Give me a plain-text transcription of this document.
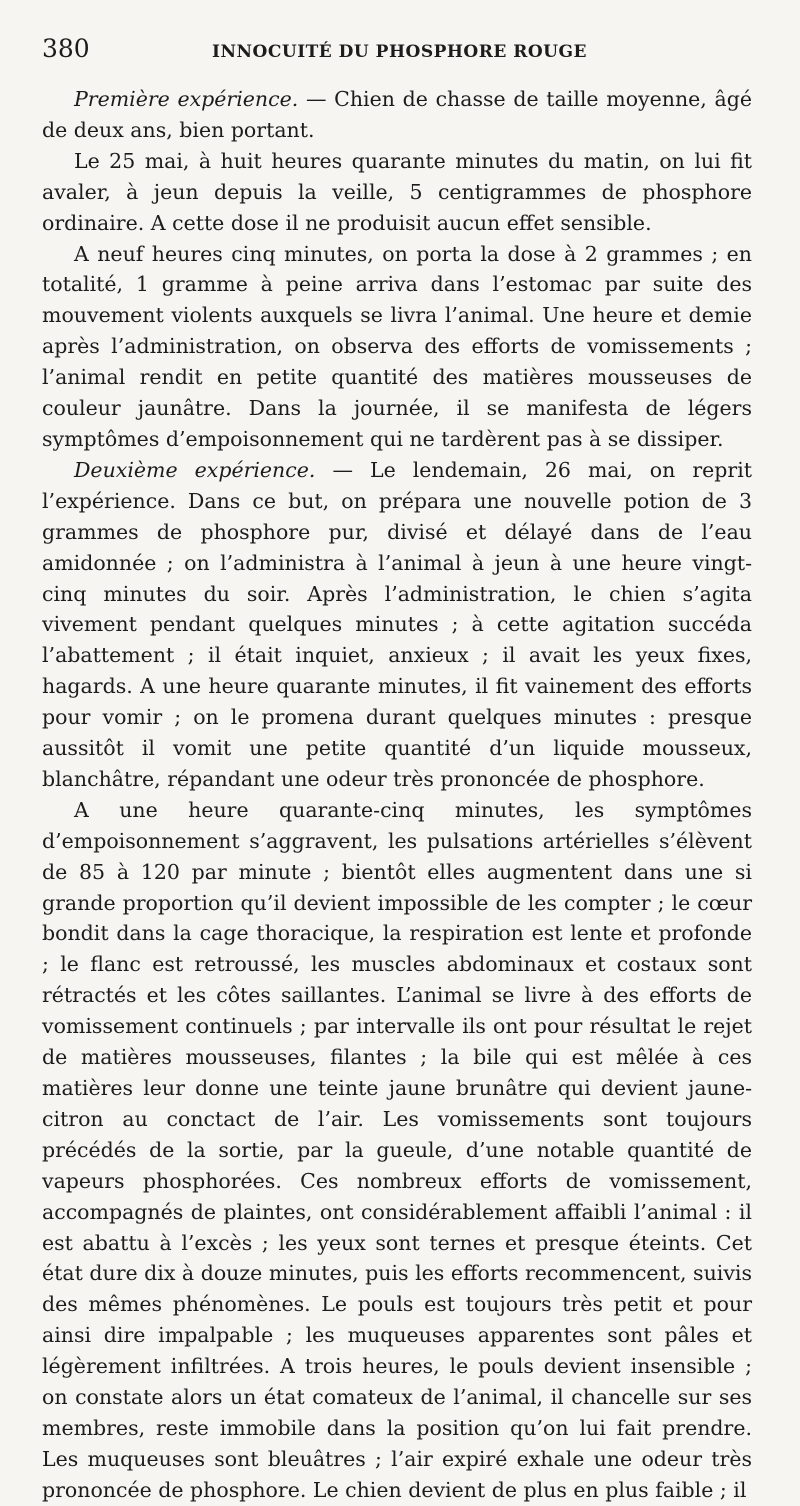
380	INNOCUITÉ DU PHOSPHORE ROUGE

Première expérience. — Chien de chasse de taille moyenne, âgé de deux ans, bien portant.

Le 25 mai, à huit heures quarante minutes du matin, on lui fit avaler, à jeun depuis la veille, 5 centigrammes de phosphore ordinaire. A cette dose il ne produisit aucun effet sensible.

A neuf heures cinq minutes, on porta la dose à 2 grammes ; en totalité, 1 gramme à peine arriva dans l’estomac par suite des mouvement violents auxquels se livra l’animal. Une heure et demie après l’administration, on observa des efforts de vomissements ; l’animal rendit en petite quantité des matières mousseuses de couleur jaunâtre. Dans la journée, il se manifesta de légers symptômes d’empoisonnement qui ne tardèrent pas à se dissiper.

Deuxième expérience. — Le lendemain, 26 mai, on reprit l’expérience. Dans ce but, on prépara une nouvelle potion de 3 grammes de phosphore pur, divisé et délayé dans de l’eau amidonnée ; on l’administra à l’animal à jeun à une heure vingt-cinq minutes du soir. Après l’administration, le chien s’agita vivement pendant quelques minutes ; à cette agitation succéda l’abattement ; il était inquiet, anxieux ; il avait les yeux fixes, hagards. A une heure quarante minutes, il fit vainement des efforts pour vomir ; on le promena durant quelques minutes : presque aussitôt il vomit une petite quantité d’un liquide mousseux, blanchâtre, répandant une odeur très prononcée de phosphore.

A une heure quarante-cinq minutes, les symptômes d’empoisonnement s’aggravent, les pulsations artérielles s’élèvent de 85 à 120 par minute ; bientôt elles augmentent dans une si grande proportion qu’il devient impossible de les compter ; le cœur bondit dans la cage thoracique, la respiration est lente et profonde ; le flanc est retroussé, les muscles abdominaux et costaux sont rétractés et les côtes saillantes. L’animal se livre à des efforts de vomissement continuels ; par intervalle ils ont pour résultat le rejet de matières mousseuses, filantes ; la bile qui est mêlée à ces matières leur donne une teinte jaune brunâtre qui devient jaune-citron au conctact de l’air. Les vomissements sont toujours précédés de la sortie, par la gueule, d’une notable quantité de vapeurs phosphorées. Ces nombreux efforts de vomissement, accompagnés de plaintes, ont considérablement affaibli l’animal : il est abattu à l’excès ; les yeux sont ternes et presque éteints. Cet état dure dix à douze minutes, puis les efforts recommencent, suivis des mêmes phénomènes. Le pouls est toujours très petit et pour ainsi dire impalpable ; les muqueuses apparentes sont pâles et légèrement infiltrées. A trois heures, le pouls devient insensible ; on constate alors un état comateux de l’animal, il chancelle sur ses membres, reste immobile dans la position qu’on lui fait prendre. Les muqueuses sont bleuâtres ; l’air expiré exhale une odeur très prononcée de phosphore. Le chien devient de plus en plus faible ; il
